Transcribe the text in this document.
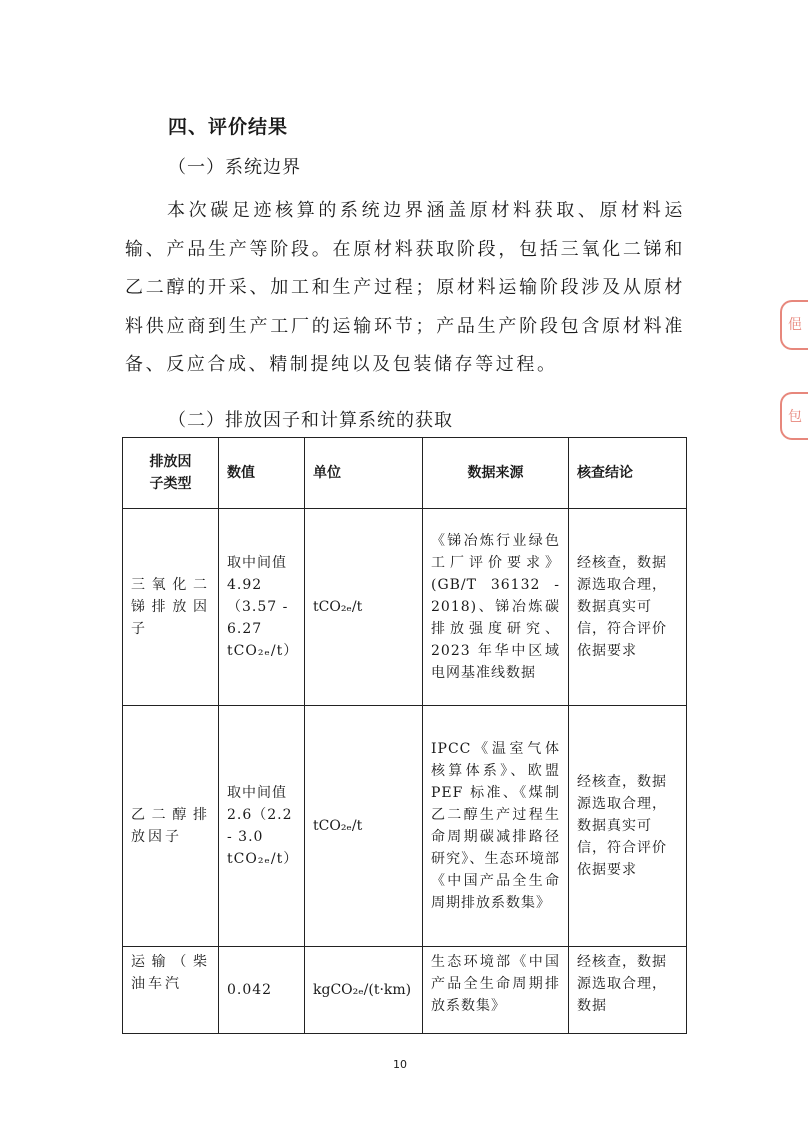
四、评价结果
（一）系统边界
本次碳足迹核算的系统边界涵盖原材料获取、原材料运输、产品生产等阶段。在原材料获取阶段，包括三氧化二锑和乙二醇的开采、加工和生产过程；原材料运输阶段涉及从原材料供应商到生产工厂的运输环节；产品生产阶段包含原材料准备、反应合成、精制提纯以及包装储存等过程。
（二）排放因子和计算系统的获取
排放因
子类型	数值	单位	数据来源	核查结论
三氧化二锑排放因子	取中间值 4.92（3.57 - 6.27 tCO₂ₑ/t）	tCO₂ₑ/t	《锑冶炼行业绿色工厂评价要求》(GB/T 36132 - 2018)、锑冶炼碳排放强度研究、2023 年华中区域电网基准线数据	经核查，数据源选取合理，数据真实可信，符合评价依据要求
乙二醇排放因子	取中间值 2.6（2.2 - 3.0 tCO₂ₑ/t）	tCO₂ₑ/t	IPCC《温室气体核算体系》、欧盟 PEF 标准、《煤制乙二醇生产过程生命周期碳减排路径研究》、生态环境部《中国产品全生命周期排放系数集》	经核查，数据源选取合理，数据真实可信，符合评价依据要求
运输（柴油车汽	0.042	kgCO₂ₑ/(t·km)	生态环境部《中国产品全生命周期排放系数集》	经核查，数据源选取合理，数据
10
俋
包
